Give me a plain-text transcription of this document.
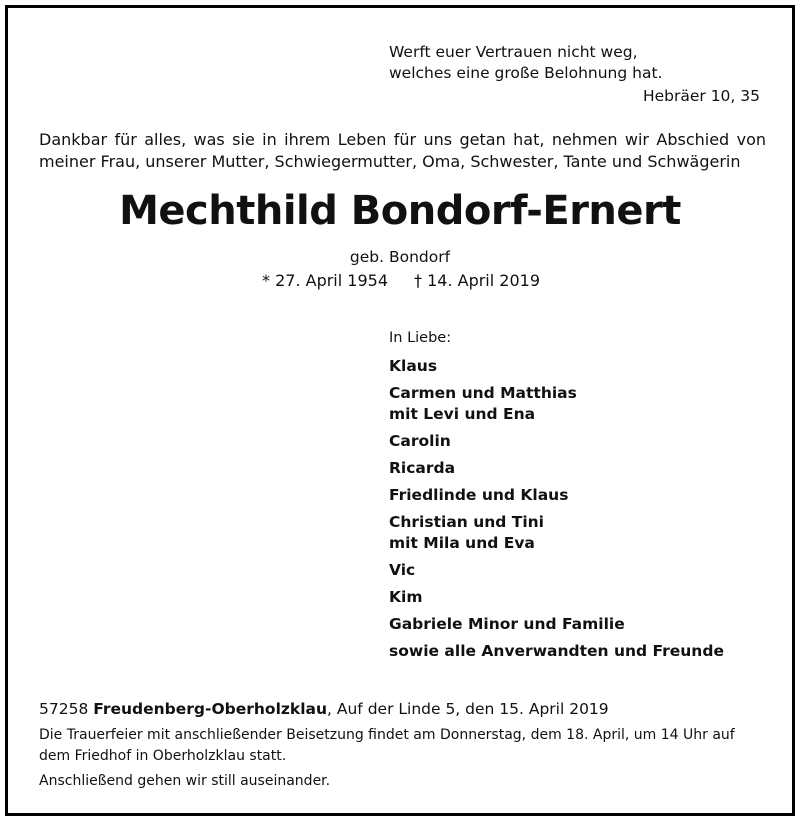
Werft euer Vertrauen nicht weg,
welches eine große Belohnung hat.
Hebräer 10, 35
Dankbar für alles, was sie in ihrem Leben für uns getan hat, nehmen wir Abschied von
meiner Frau, unserer Mutter, Schwiegermutter, Oma, Schwester, Tante und Schwägerin
Mechthild Bondorf-Ernert
geb. Bondorf
* 27. April 1954 † 14. April 2019
In Liebe:
Klaus
Carmen und Matthias
mit Levi und Ena
Carolin
Ricarda
Friedlinde und Klaus
Christian und Tini
mit Mila und Eva
Vic
Kim
Gabriele Minor und Familie
sowie alle Anverwandten und Freunde
57258 Freudenberg-Oberholzklau, Auf der Linde 5, den 15. April 2019
Die Trauerfeier mit anschließender Beisetzung findet am Donnerstag, dem 18. April, um 14 Uhr auf dem Friedhof in Oberholzklau statt.
Anschließend gehen wir still auseinander.
